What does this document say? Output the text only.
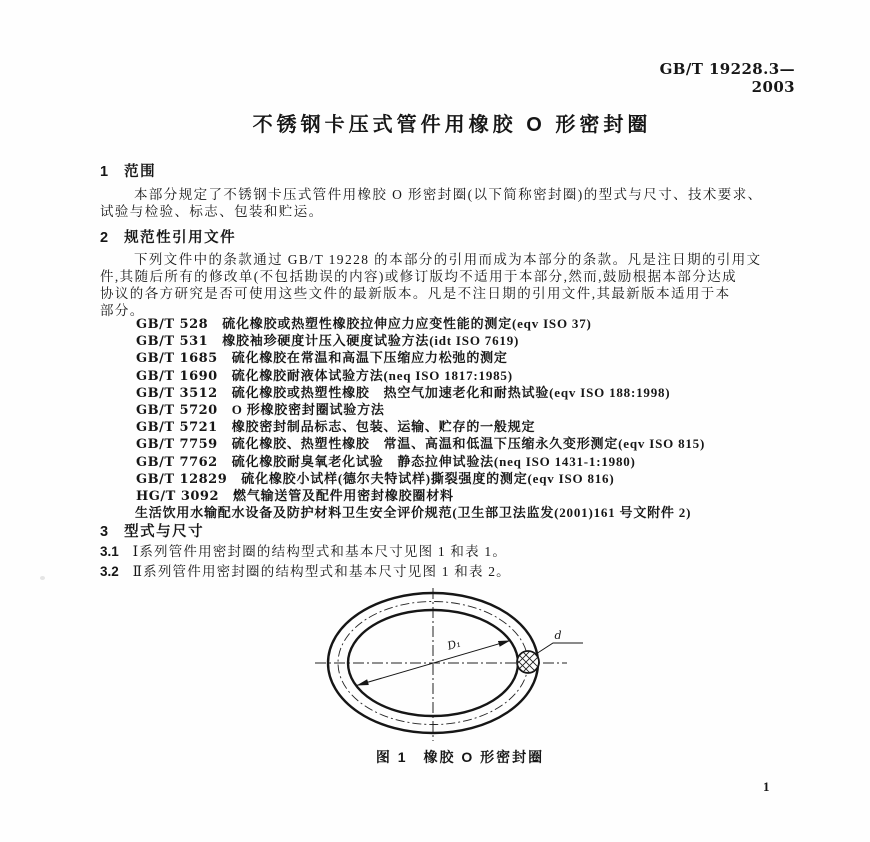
GB/T 19228.3—2003
不锈钢卡压式管件用橡胶 O 形密封圈
1 范围
本部分规定了不锈钢卡压式管件用橡胶 O 形密封圈(以下简称密封圈)的型式与尺寸、技术要求、
试验与检验、标志、包装和贮运。
2 规范性引用文件
下列文件中的条款通过 GB/T 19228 的本部分的引用而成为本部分的条款。凡是注日期的引用文
件,其随后所有的修改单(不包括勘误的内容)或修订版均不适用于本部分,然而,鼓励根据本部分达成
协议的各方研究是否可使用这些文件的最新版本。凡是不注日期的引用文件,其最新版本适用于本
部分。
GB/T 528 硫化橡胶或热塑性橡胶拉伸应力应变性能的测定(eqv ISO 37)
GB/T 531 橡胶袖珍硬度计压入硬度试验方法(idt ISO 7619)
GB/T 1685 硫化橡胶在常温和高温下压缩应力松弛的测定
GB/T 1690 硫化橡胶耐液体试验方法(neq ISO 1817:1985)
GB/T 3512 硫化橡胶或热塑性橡胶　热空气加速老化和耐热试验(eqv ISO 188:1998)
GB/T 5720 O 形橡胶密封圈试验方法
GB/T 5721 橡胶密封制品标志、包装、运输、贮存的一般规定
GB/T 7759 硫化橡胶、热塑性橡胶　常温、高温和低温下压缩永久变形测定(eqv ISO 815)
GB/T 7762 硫化橡胶耐臭氧老化试验　静态拉伸试验法(neq ISO 1431-1:1980)
GB/T 12829 硫化橡胶小试样(德尔夫特试样)撕裂强度的测定(eqv ISO 816)
HG/T 3092 燃气输送管及配件用密封橡胶圈材料
生活饮用水输配水设备及防护材料卫生安全评价规范(卫生部卫法监发(2001)161 号文附件 2)
3 型式与尺寸
3.1 Ⅰ系列管件用密封圈的结构型式和基本尺寸见图 1 和表 1。
3.2 Ⅱ系列管件用密封圈的结构型式和基本尺寸见图 1 和表 2。
D₁
d
图 1　橡胶 O 形密封圈
1
